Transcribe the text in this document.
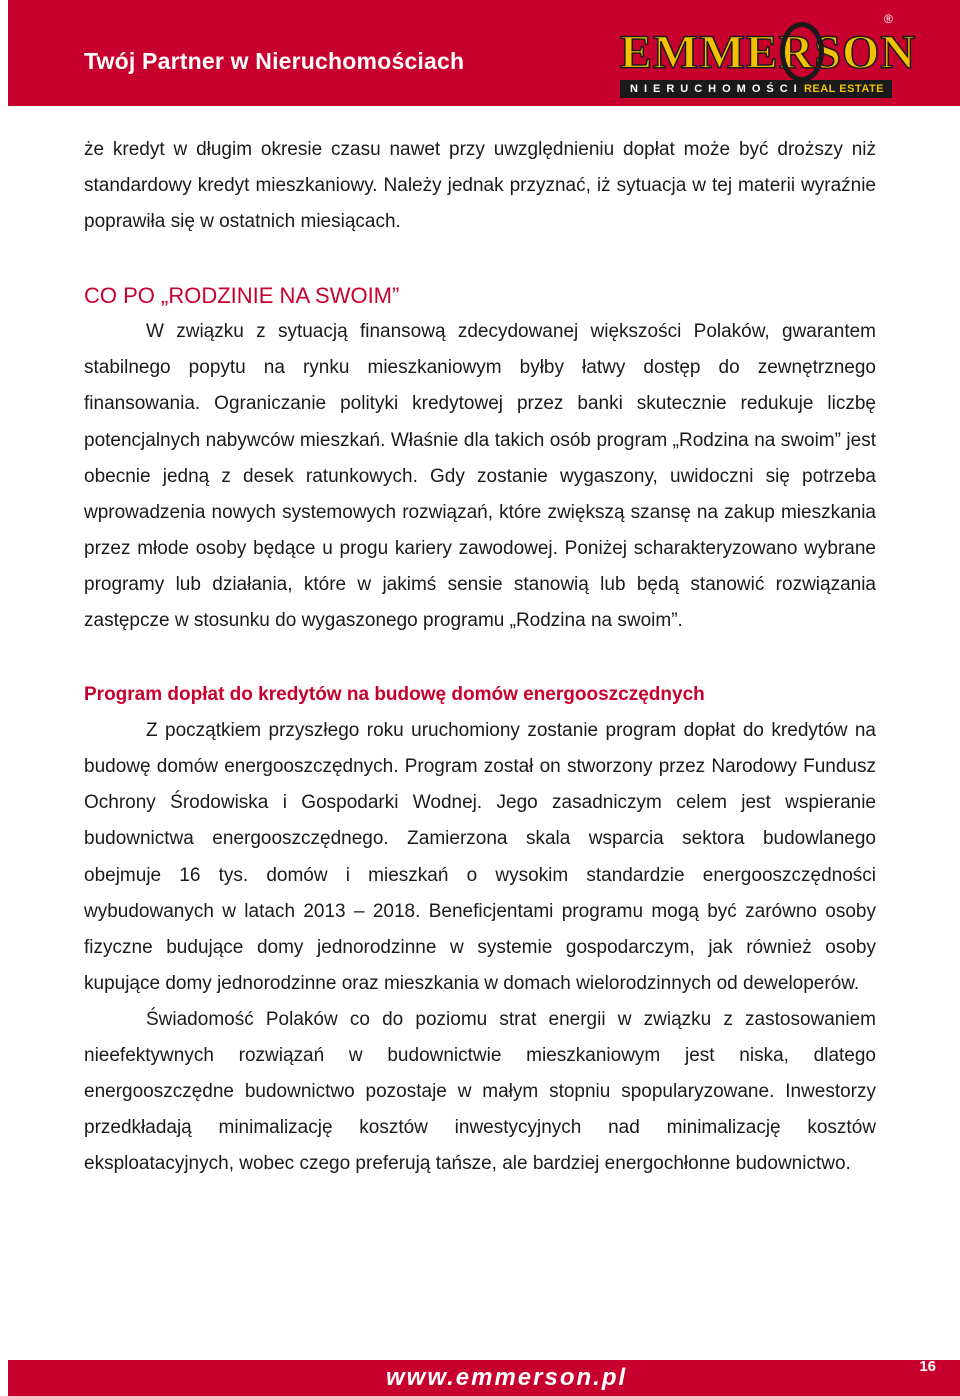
Twój Partner w Nieruchomościach	EMMERSON
®
NIERUCHOMOŚCI REAL ESTATE

że kredyt w długim okresie czasu nawet przy uwzględnieniu dopłat może być droższy niż standardowy kredyt mieszkaniowy. Należy jednak przyznać, iż sytuacja w tej materii wyraźnie poprawiła się w ostatnich miesiącach.

CO PO „RODZINIE NA SWOIM”

W związku z sytuacją finansową zdecydowanej większości Polaków, gwarantem stabilnego popytu na rynku mieszkaniowym byłby łatwy dostęp do zewnętrznego finansowania. Ograniczanie polityki kredytowej przez banki skutecznie redukuje liczbę potencjalnych nabywców mieszkań. Właśnie dla takich osób program „Rodzina na swoim” jest obecnie jedną z desek ratunkowych. Gdy zostanie wygaszony, uwidoczni się potrzeba wprowadzenia nowych systemowych rozwiązań, które zwiększą szansę na zakup mieszkania przez młode osoby będące u progu kariery zawodowej. Poniżej scharakteryzowano wybrane programy lub działania, które w jakimś sensie stanowią lub będą stanowić rozwiązania zastępcze w stosunku do wygaszonego programu „Rodzina na swoim”.

Program dopłat do kredytów na budowę domów energooszczędnych

Z początkiem przyszłego roku uruchomiony zostanie program dopłat do kredytów na budowę domów energooszczędnych. Program został on stworzony przez Narodowy Fundusz Ochrony Środowiska i Gospodarki Wodnej. Jego zasadniczym celem jest wspieranie budownictwa energooszczędnego. Zamierzona skala wsparcia sektora budowlanego obejmuje 16 tys. domów i mieszkań o wysokim standardzie energooszczędności wybudowanych w latach 2013 – 2018. Beneficjentami programu mogą być zarówno osoby fizyczne budujące domy jednorodzinne w systemie gospodarczym, jak również osoby kupujące domy jednorodzinne oraz mieszkania w domach wielorodzinnych od deweloperów.

Świadomość Polaków co do poziomu strat energii w związku z zastosowaniem nieefektywnych rozwiązań w budownictwie mieszkaniowym jest niska, dlatego energooszczędne budownictwo pozostaje w małym stopniu spopularyzowane. Inwestorzy przedkładają minimalizację kosztów inwestycyjnych nad minimalizację kosztów eksploatacyjnych, wobec czego preferują tańsze, ale bardziej energochłonne budownictwo.

www.emmerson.pl	16
